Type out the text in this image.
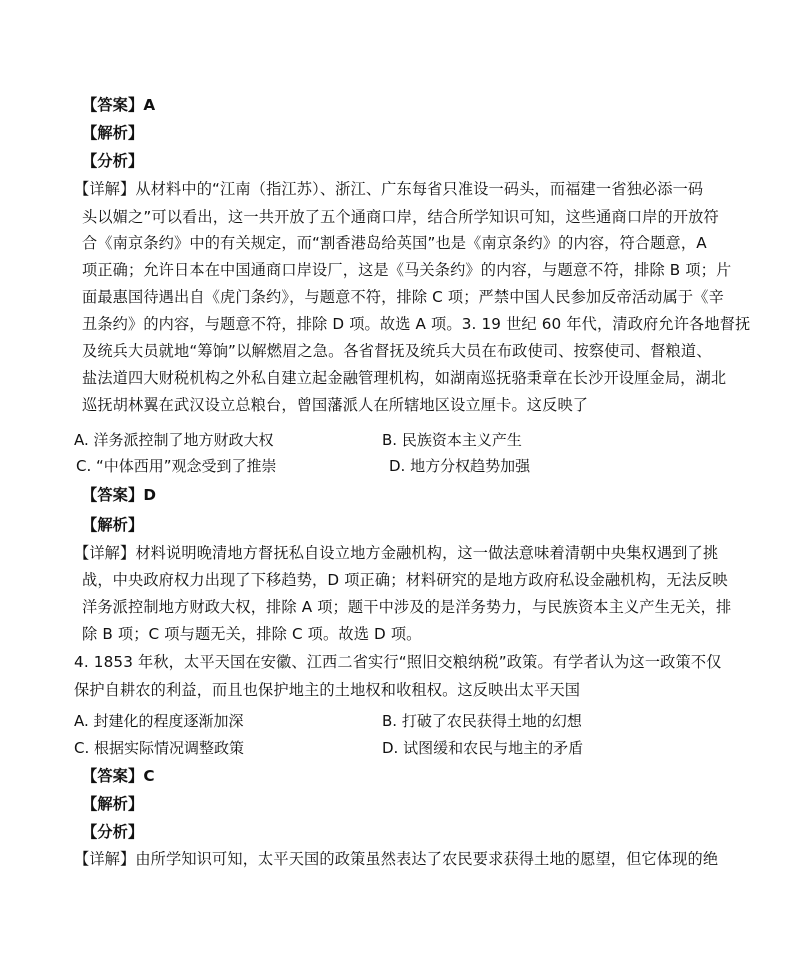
【答案】A
【解析】
【分析】
【详解】从材料中的“江南（指江苏）、浙江、广东每省只准设一码头，而福建一省独必添一码
头以媚之”可以看出，这一共开放了五个通商口岸，结合所学知识可知，这些通商口岸的开放符
合《南京条约》中的有关规定，而“割香港岛给英国”也是《南京条约》的内容，符合题意，A
项正确；允许日本在中国通商口岸设厂，这是《马关条约》的内容，与题意不符，排除 B 项；片
面最惠国待遇出自《虎门条约》，与题意不符，排除 C 项；严禁中国人民参加反帝活动属于《辛
丑条约》的内容，与题意不符，排除 D 项。故选 A 项。3. 19 世纪 60 年代，清政府允许各地督抚
及统兵大员就地“筹饷”以解燃眉之急。各省督抚及统兵大员在布政使司、按察使司、督粮道、
盐法道四大财税机构之外私自建立起金融管理机构，如湖南巡抚骆秉章在长沙开设厘金局，湖北
巡抚胡林翼在武汉设立总粮台，曾国藩派人在所辖地区设立厘卡。这反映了
A. 洋务派控制了地方财政大权	B. 民族资本主义产生
C. “中体西用”观念受到了推崇	D. 地方分权趋势加强
【答案】D
【解析】
【详解】材料说明晚清地方督抚私自设立地方金融机构，这一做法意味着清朝中央集权遇到了挑
战，中央政府权力出现了下移趋势，D 项正确；材料研究的是地方政府私设金融机构，无法反映
洋务派控制地方财政大权，排除 A 项；题干中涉及的是洋务势力，与民族资本主义产生无关，排
除 B 项；C 项与题无关，排除 C 项。故选 D 项。
4. 1853 年秋，太平天国在安徽、江西二省实行“照旧交粮纳税”政策。有学者认为这一政策不仅
保护自耕农的利益，而且也保护地主的土地权和收租权。这反映出太平天国
A. 封建化的程度逐渐加深	B. 打破了农民获得土地的幻想
C. 根据实际情况调整政策	D. 试图缓和农民与地主的矛盾
【答案】C
【解析】
【分析】
【详解】由所学知识可知，太平天国的政策虽然表达了农民要求获得土地的愿望，但它体现的绝
